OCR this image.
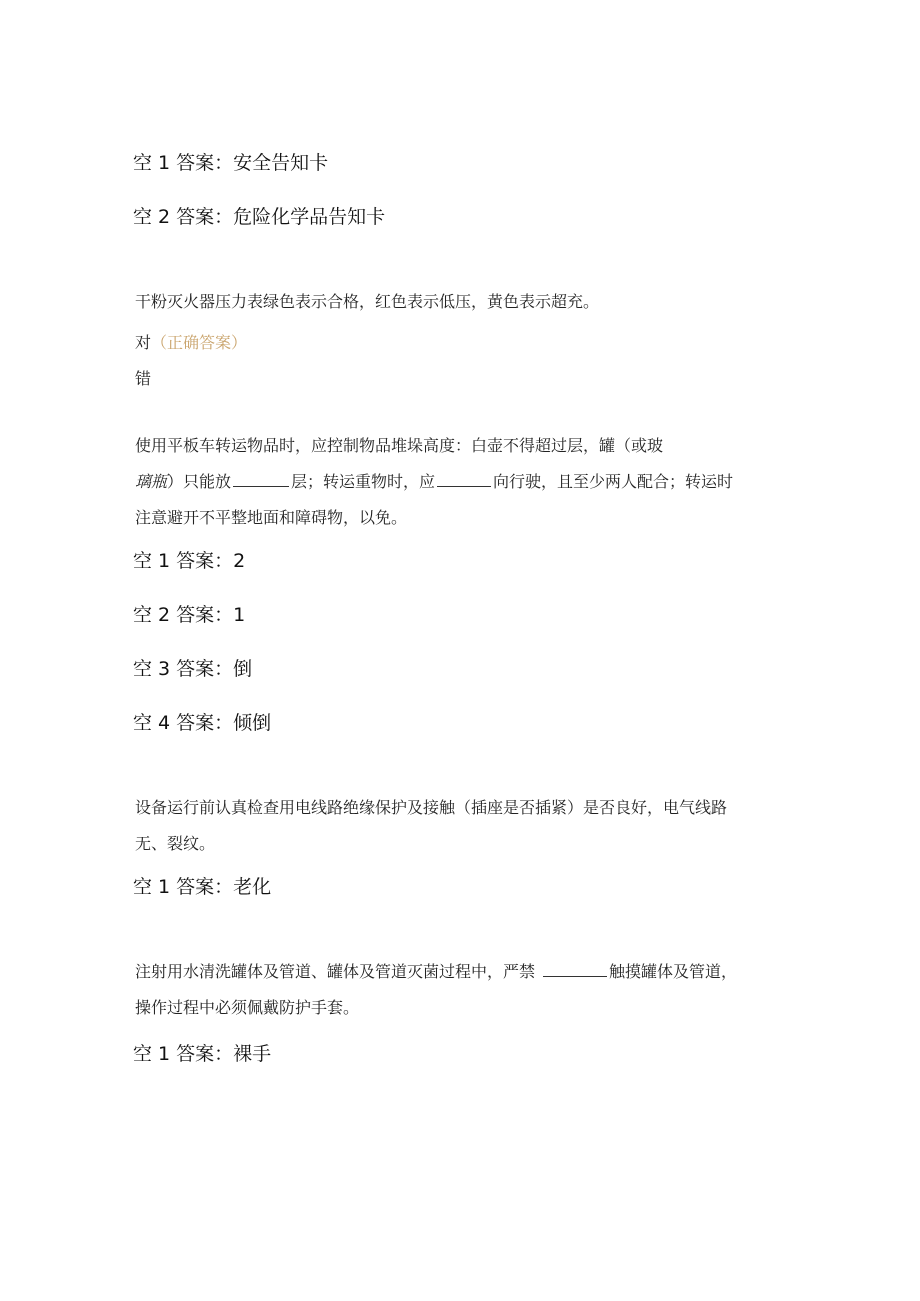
空 1 答案：安全告知卡
空 2 答案：危险化学品告知卡
干粉灭火器压力表绿色表示合格，红色表示低压，黄色表示超充。
对（正确答案）
错
使用平板车转运物品时，应控制物品堆垛高度：白壶不得超过层，罐（或玻
璃瓶）只能放	层；转运重物时，应	向行驶，且至少两人配合；转运时
注意避开不平整地面和障碍物，以免。
空 1 答案：2
空 2 答案：1
空 3 答案：倒
空 4 答案：倾倒
设备运行前认真检查用电线路绝缘保护及接触（插座是否插紧）是否良好，电气线路
无、裂纹。
空 1 答案：老化
注射用水清洗罐体及管道、罐体及管道灭菌过程中，严禁	触摸罐体及管道，
操作过程中必须佩戴防护手套。
空 1 答案：裸手
